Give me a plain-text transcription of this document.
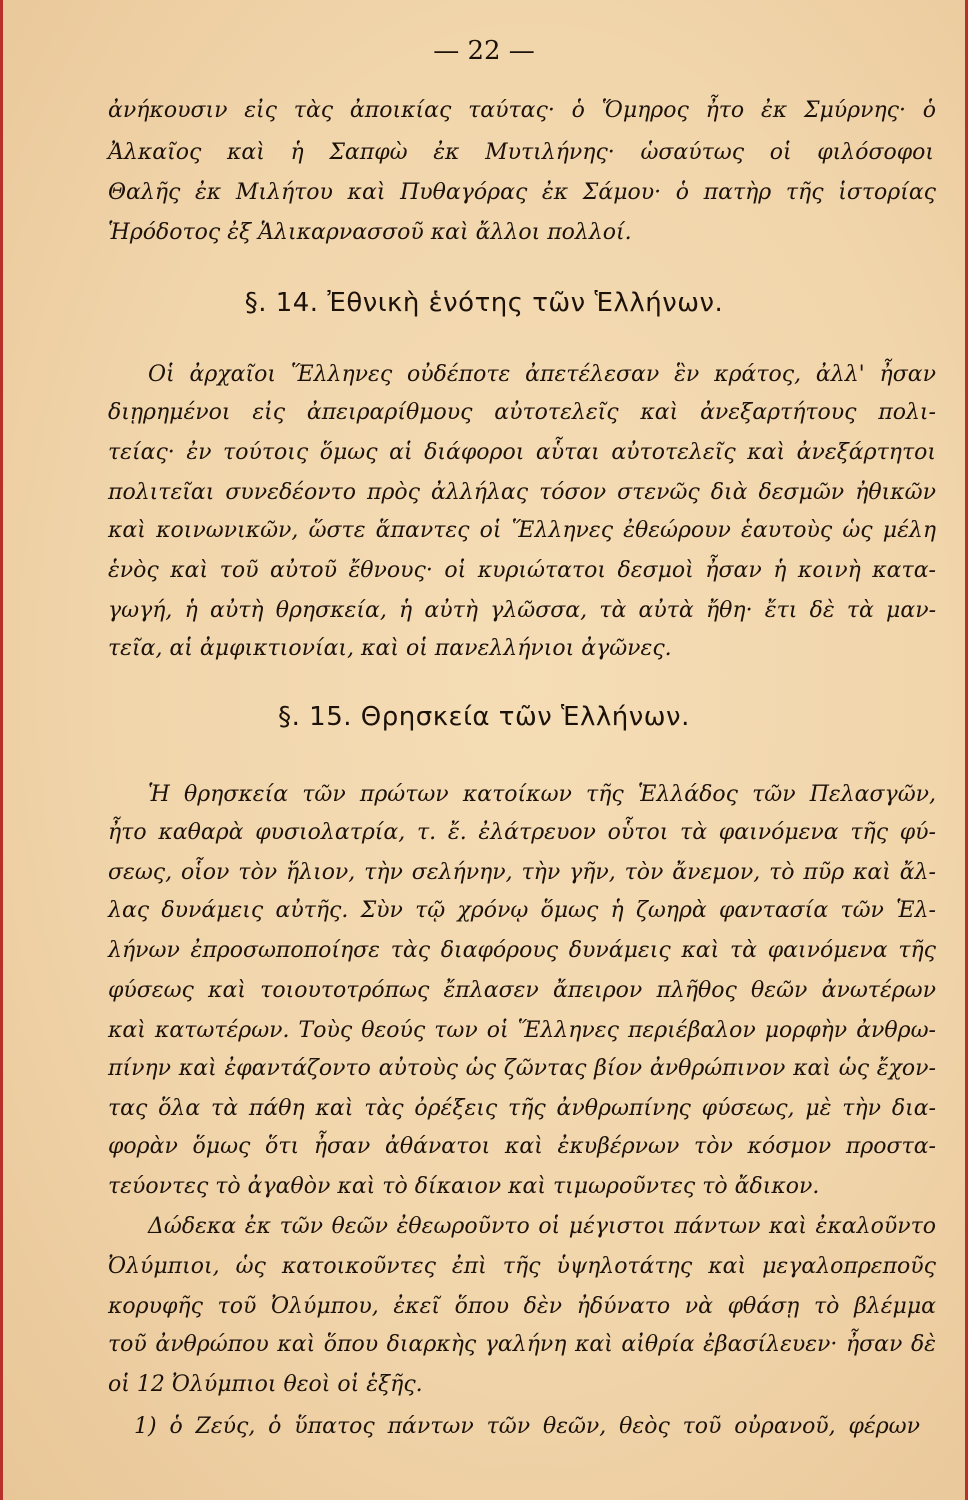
— 22 —
ἀνήκουσιν εἰς τὰς ἀποικίας ταύτας· ὁ Ὅμηρος ἦτο ἐκ Σμύρνης· ὁ
Ἀλκαῖος καὶ ἡ Σαπφὼ ἐκ Μυτιλήνης· ὡσαύτως οἱ φιλόσοφοι
Θαλῆς ἐκ Μιλήτου καὶ Πυθαγόρας ἐκ Σάμου· ὁ πατὴρ τῆς ἱστορίας
Ἡρόδοτος ἐξ Ἁλικαρνασσοῦ καὶ ἄλλοι πολλοί.
§. 14. Ἐθνικὴ ἑνότης τῶν Ἑλλήνων.
Οἱ ἀρχαῖοι Ἕλληνες οὐδέποτε ἀπετέλεσαν ἓν κράτος, ἀλλ' ἦσαν
διῃρημένοι εἰς ἀπειραρίθμους αὐτοτελεῖς καὶ ἀνεξαρτήτους πολι-
τείας· ἐν τούτοις ὅμως αἱ διάφοροι αὗται αὐτοτελεῖς καὶ ἀνεξάρτητοι
πολιτεῖαι συνεδέοντο πρὸς ἀλλήλας τόσον στενῶς διὰ δεσμῶν ἠθικῶν
καὶ κοινωνικῶν, ὥστε ἅπαντες οἱ Ἕλληνες ἐθεώρουν ἑαυτοὺς ὡς μέλη
ἑνὸς καὶ τοῦ αὐτοῦ ἔθνους· οἱ κυριώτατοι δεσμοὶ ἦσαν ἡ κοινὴ κατα-
γωγή, ἡ αὐτὴ θρησκεία, ἡ αὐτὴ γλῶσσα, τὰ αὐτὰ ἤθη· ἔτι δὲ τὰ μαν-
τεῖα, αἱ ἀμφικτιονίαι, καὶ οἱ πανελλήνιοι ἀγῶνες.
§. 15. Θρησκεία τῶν Ἑλλήνων.
Ἡ θρησκεία τῶν πρώτων κατοίκων τῆς Ἑλλάδος τῶν Πελασγῶν,
ἦτο καθαρὰ φυσιολατρία, τ. ἔ. ἐλάτρευον οὗτοι τὰ φαινόμενα τῆς φύ-
σεως, οἷον τὸν ἥλιον, τὴν σελήνην, τὴν γῆν, τὸν ἄνεμον, τὸ πῦρ καὶ ἄλ-
λας δυνάμεις αὐτῆς. Σὺν τῷ χρόνῳ ὅμως ἡ ζωηρὰ φαντασία τῶν Ἑλ-
λήνων ἐπροσωποποίησε τὰς διαφόρους δυνάμεις καὶ τὰ φαινόμενα τῆς
φύσεως καὶ τοιουτοτρόπως ἔπλασεν ἄπειρον πλῆθος θεῶν ἀνωτέρων
καὶ κατωτέρων. Τοὺς θεούς των οἱ Ἕλληνες περιέβαλον μορφὴν ἀνθρω-
πίνην καὶ ἐφαντάζοντο αὐτοὺς ὡς ζῶντας βίον ἀνθρώπινον καὶ ὡς ἔχον-
τας ὅλα τὰ πάθη καὶ τὰς ὀρέξεις τῆς ἀνθρωπίνης φύσεως, μὲ τὴν δια-
φορὰν ὅμως ὅτι ἦσαν ἀθάνατοι καὶ ἐκυβέρνων τὸν κόσμον προστα-
τεύοντες τὸ ἀγαθὸν καὶ τὸ δίκαιον καὶ τιμωροῦντες τὸ ἄδικον.
Δώδεκα ἐκ τῶν θεῶν ἐθεωροῦντο οἱ μέγιστοι πάντων καὶ ἐκαλοῦντο
Ὀλύμπιοι, ὡς κατοικοῦντες ἐπὶ τῆς ὑψηλοτάτης καὶ μεγαλοπρεποῦς
κορυφῆς τοῦ Ὀλύμπου, ἐκεῖ ὅπου δὲν ἠδύνατο νὰ φθάσῃ τὸ βλέμμα
τοῦ ἀνθρώπου καὶ ὅπου διαρκὴς γαλήνη καὶ αἰθρία ἐβασίλευεν· ἦσαν δὲ
οἱ 12 Ὀλύμπιοι θεοὶ οἱ ἑξῆς.
1) ὁ Ζεύς, ὁ ὕπατος πάντων τῶν θεῶν, θεὸς τοῦ οὐρανοῦ, φέρων
